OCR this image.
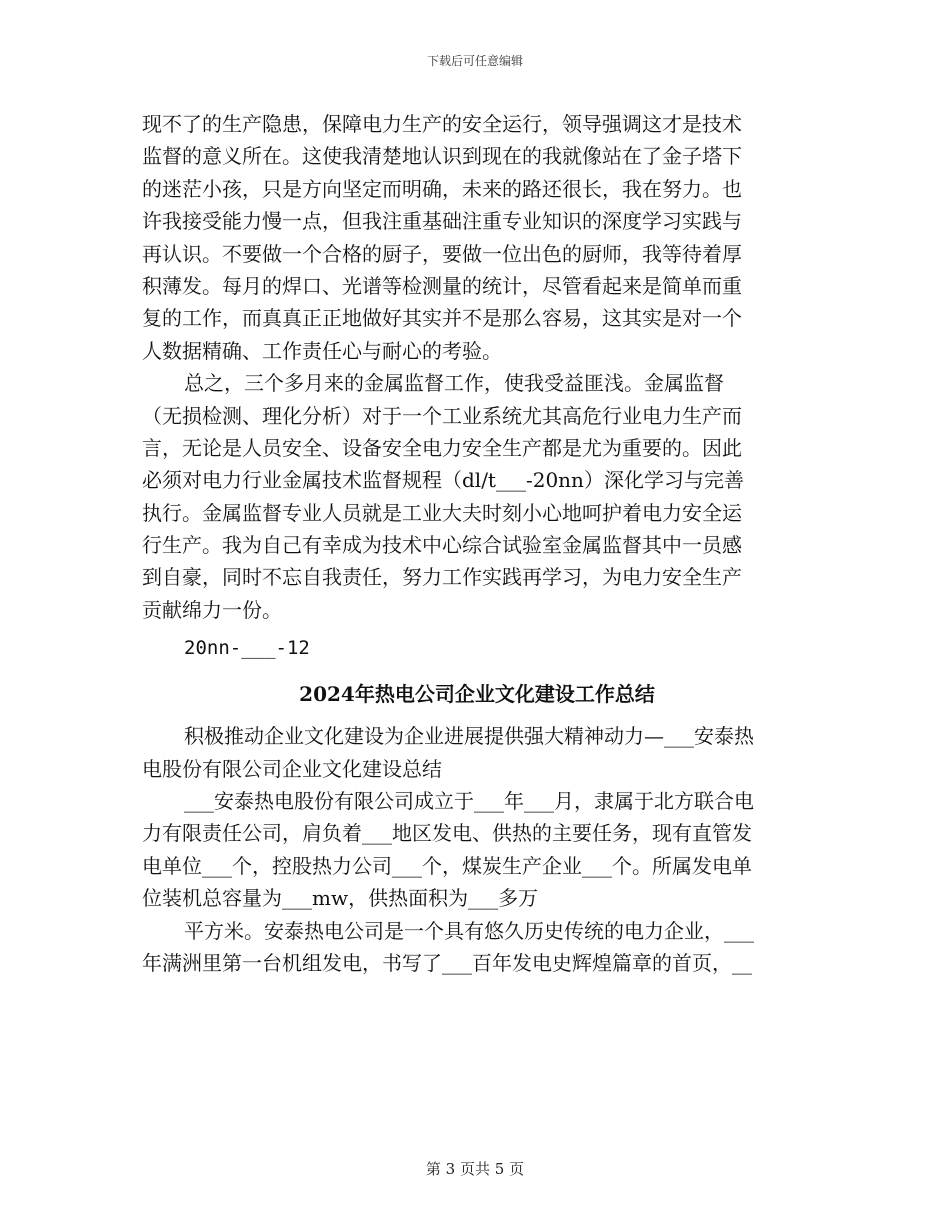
下载后可任意编辑
现不了的生产隐患，保障电力生产的安全运行，领导强调这才是技术
监督的意义所在。这使我清楚地认识到现在的我就像站在了金子塔下
的迷茫小孩，只是方向坚定而明确，未来的路还很长，我在努力。也
许我接受能力慢一点，但我注重基础注重专业知识的深度学习实践与
再认识。不要做一个合格的厨子，要做一位出色的厨师，我等待着厚
积薄发。每月的焊口、光谱等检测量的统计，尽管看起来是简单而重
复的工作，而真真正正地做好其实并不是那么容易，这其实是对一个
人数据精确、工作责任心与耐心的考验。
总之，三个多月来的金属监督工作，使我受益匪浅。金属监督
（无损检测、理化分析）对于一个工业系统尤其高危行业电力生产而
言，无论是人员安全、设备安全电力安全生产都是尤为重要的。因此
必须对电力行业金属技术监督规程（dl/t___-20nn）深化学习与完善
执行。金属监督专业人员就是工业大夫时刻小心地呵护着电力安全运
行生产。我为自己有幸成为技术中心综合试验室金属监督其中一员感
到自豪，同时不忘自我责任，努力工作实践再学习，为电力安全生产
贡献绵力一份。
20nn-___-12
2024年热电公司企业文化建设工作总结
积极推动企业文化建设为企业进展提供强大精神动力—___安泰热
电股份有限公司企业文化建设总结
___安泰热电股份有限公司成立于___年___月，隶属于北方联合电
力有限责任公司，肩负着___地区发电、供热的主要任务，现有直管发
电单位___个，控股热力公司___个，煤炭生产企业___个。所属发电单
位装机总容量为___mw，供热面积为___多万
平方米。安泰热电公司是一个具有悠久历史传统的电力企业，___
年满洲里第一台机组发电，书写了___百年发电史辉煌篇章的首页，__
第 3 页共 5 页
